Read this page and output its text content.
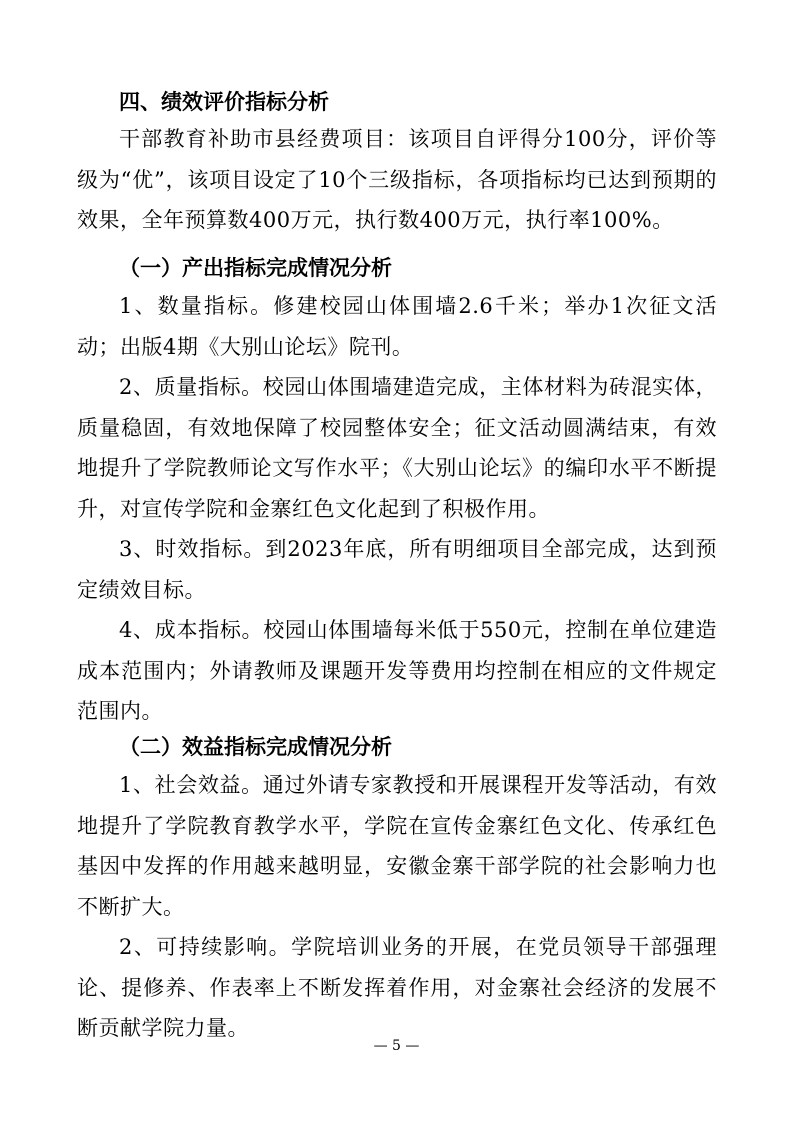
四、绩效评价指标分析

干部教育补助市县经费项目：该项目自评得分100分，评价等级为“优”，该项目设定了10个三级指标，各项指标均已达到预期的效果，全年预算数400万元，执行数400万元，执行率100%。

（一）产出指标完成情况分析

1、数量指标。修建校园山体围墙2.6千米；举办1次征文活动；出版4期《大别山论坛》院刊。

2、质量指标。校园山体围墙建造完成，主体材料为砖混实体，质量稳固，有效地保障了校园整体安全；征文活动圆满结束，有效地提升了学院教师论文写作水平；《大别山论坛》的编印水平不断提升，对宣传学院和金寨红色文化起到了积极作用。

3、时效指标。到2023年底，所有明细项目全部完成，达到预定绩效目标。

4、成本指标。校园山体围墙每米低于550元，控制在单位建造成本范围内；外请教师及课题开发等费用均控制在相应的文件规定范围内。

（二）效益指标完成情况分析

1、社会效益。通过外请专家教授和开展课程开发等活动，有效地提升了学院教育教学水平，学院在宣传金寨红色文化、传承红色基因中发挥的作用越来越明显，安徽金寨干部学院的社会影响力也不断扩大。

2、可持续影响。学院培训业务的开展，在党员领导干部强理论、提修养、作表率上不断发挥着作用，对金寨社会经济的发展不断贡献学院力量。

— 5 —
